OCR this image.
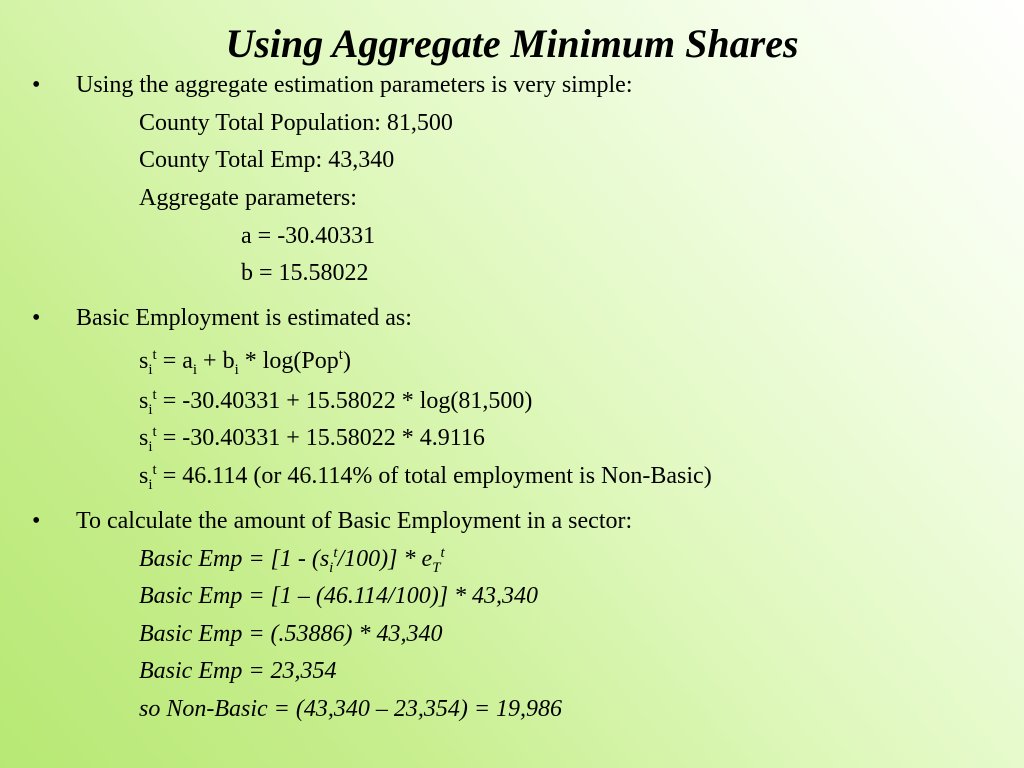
Using Aggregate Minimum Shares
• Using the aggregate estimation parameters is very simple:
County Total Population: 81,500
County Total Emp: 43,340
Aggregate parameters:
a = -30.40331
b = 15.58022
• Basic Employment is estimated as:
$s_i^t = a_i + b_i * \log(Pop^t)$
$s_i^t = -30.40331 + 15.58022 * \log(81,500)$
$s_i^t = -30.40331 + 15.58022 * 4.9116$
$s_i^t = 46.114$ (or 46.114% of total employment is Non-Basic)
• To calculate the amount of Basic Employment in a sector:
Basic Emp = $[1 - (s_i^t/100)] * e_T^t$
Basic Emp = [1 – (46.114/100)] * 43,340
Basic Emp = (.53886) * 43,340
Basic Emp = 23,354
so Non-Basic = (43,340 – 23,354) = 19,986
